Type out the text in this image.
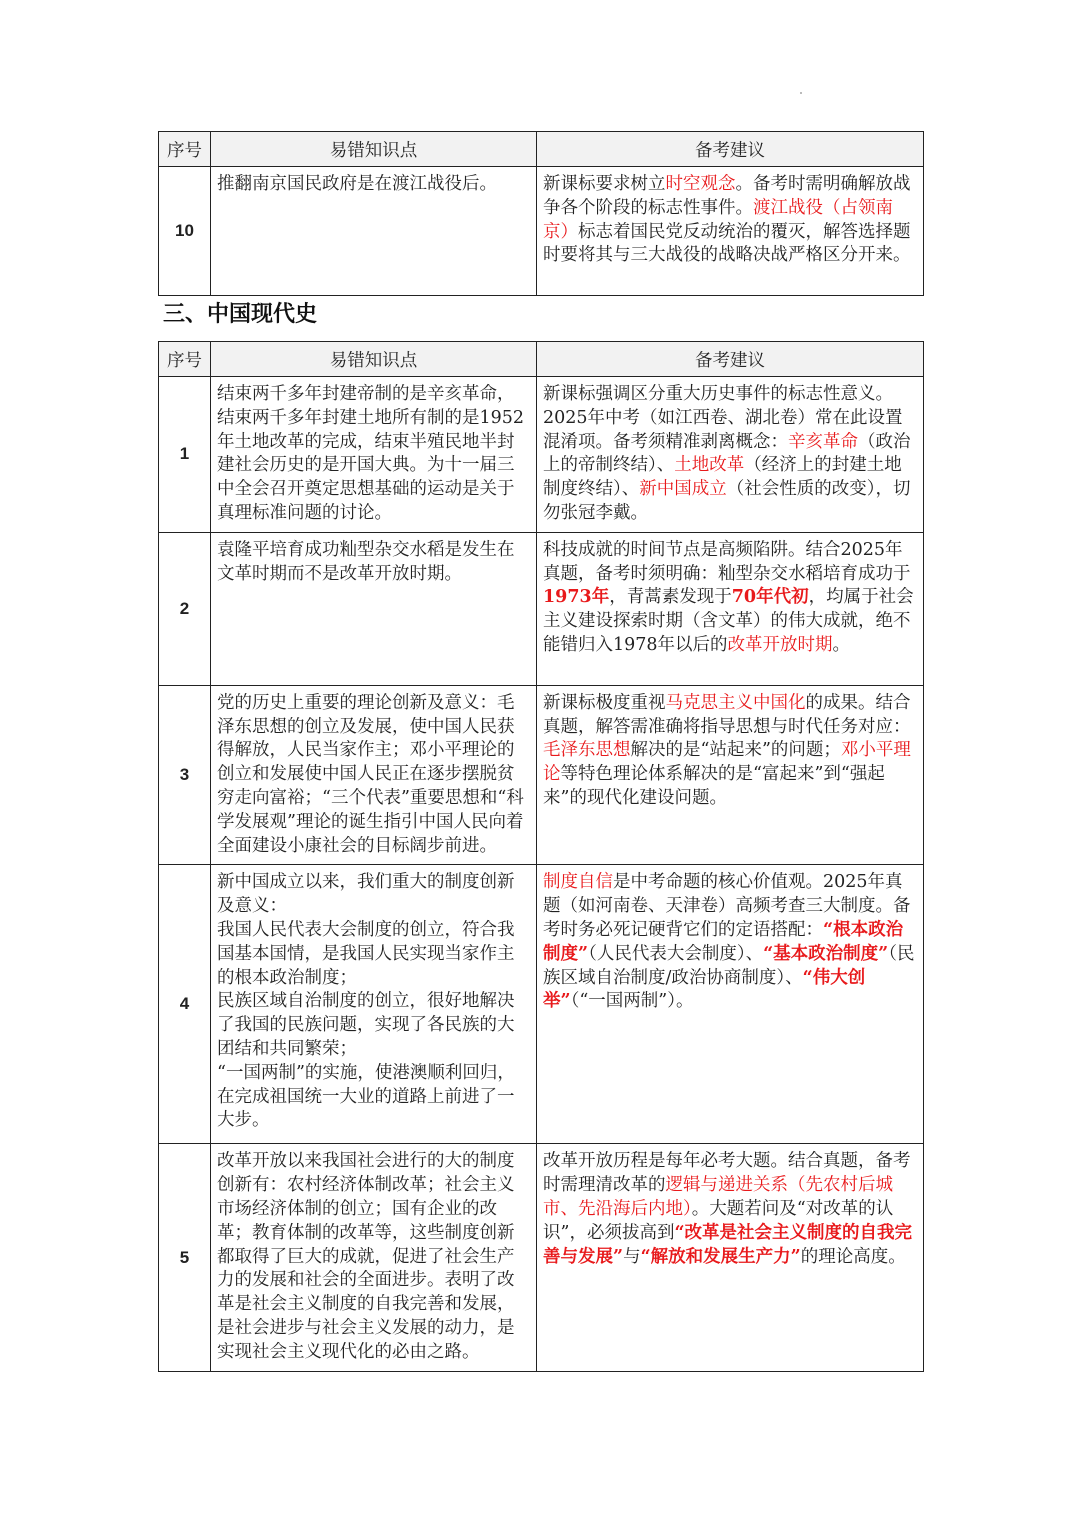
序号	易错知识点	备考建议
10	推翻南京国民政府是在渡江战役后。	新课标要求树立时空观念。备考时需明确解放战争各个阶段的标志性事件。渡江战役（占领南京）标志着国民党反动统治的覆灭，解答选择题时要将其与三大战役的战略决战严格区分开来。
三、中国现代史
序号	易错知识点	备考建议
1	结束两千多年封建帝制的是辛亥革命，结束两千多年封建土地所有制的是1952年土地改革的完成，结束半殖民地半封建社会历史的是开国大典。为十一届三中全会召开奠定思想基础的运动是关于真理标准问题的讨论。	新课标强调区分重大历史事件的标志性意义。2025年中考（如江西卷、湖北卷）常在此设置混淆项。备考须精准剥离概念：辛亥革命（政治上的帝制终结）、土地改革（经济上的封建土地制度终结）、新中国成立（社会性质的改变），切勿张冠李戴。
2	袁隆平培育成功籼型杂交水稻是发生在文革时期而不是改革开放时期。	科技成就的时间节点是高频陷阱。结合2025年真题，备考时须明确：籼型杂交水稻培育成功于1973年，青蒿素发现于70年代初，均属于社会主义建设探索时期（含文革）的伟大成就，绝不能错归入1978年以后的改革开放时期。
3	党的历史上重要的理论创新及意义：毛泽东思想的创立及发展，使中国人民获得解放，人民当家作主；邓小平理论的创立和发展使中国人民正在逐步摆脱贫穷走向富裕；“三个代表”重要思想和“科学发展观”理论的诞生指引中国人民向着全面建设小康社会的目标阔步前进。	新课标极度重视马克思主义中国化的成果。结合真题，解答需准确将指导思想与时代任务对应：毛泽东思想解决的是“站起来”的问题；邓小平理论等特色理论体系解决的是“富起来”到“强起来”的现代化建设问题。
4	新中国成立以来，我们重大的制度创新及意义：
我国人民代表大会制度的创立，符合我国基本国情，是我国人民实现当家作主的根本政治制度；
民族区域自治制度的创立，很好地解决了我国的民族问题，实现了各民族的大团结和共同繁荣；
“一国两制”的实施，使港澳顺利回归，在完成祖国统一大业的道路上前进了一大步。	制度自信是中考命题的核心价值观。2025年真题（如河南卷、天津卷）高频考查三大制度。备考时务必死记硬背它们的定语搭配：“根本政治制度”（人民代表大会制度）、“基本政治制度”（民族区域自治制度/政治协商制度）、“伟大创举”（“一国两制”）。
5	改革开放以来我国社会进行的大的制度创新有：农村经济体制改革；社会主义市场经济体制的创立；国有企业的改革；教育体制的改革等，这些制度创新都取得了巨大的成就，促进了社会生产力的发展和社会的全面进步。表明了改革是社会主义制度的自我完善和发展，是社会进步与社会主义发展的动力，是实现社会主义现代化的必由之路。	改革开放历程是每年必考大题。结合真题，备考时需理清改革的逻辑与递进关系（先农村后城市、先沿海后内地）。大题若问及“对改革的认识”，必须拔高到“改革是社会主义制度的自我完善与发展”与“解放和发展生产力”的理论高度。
